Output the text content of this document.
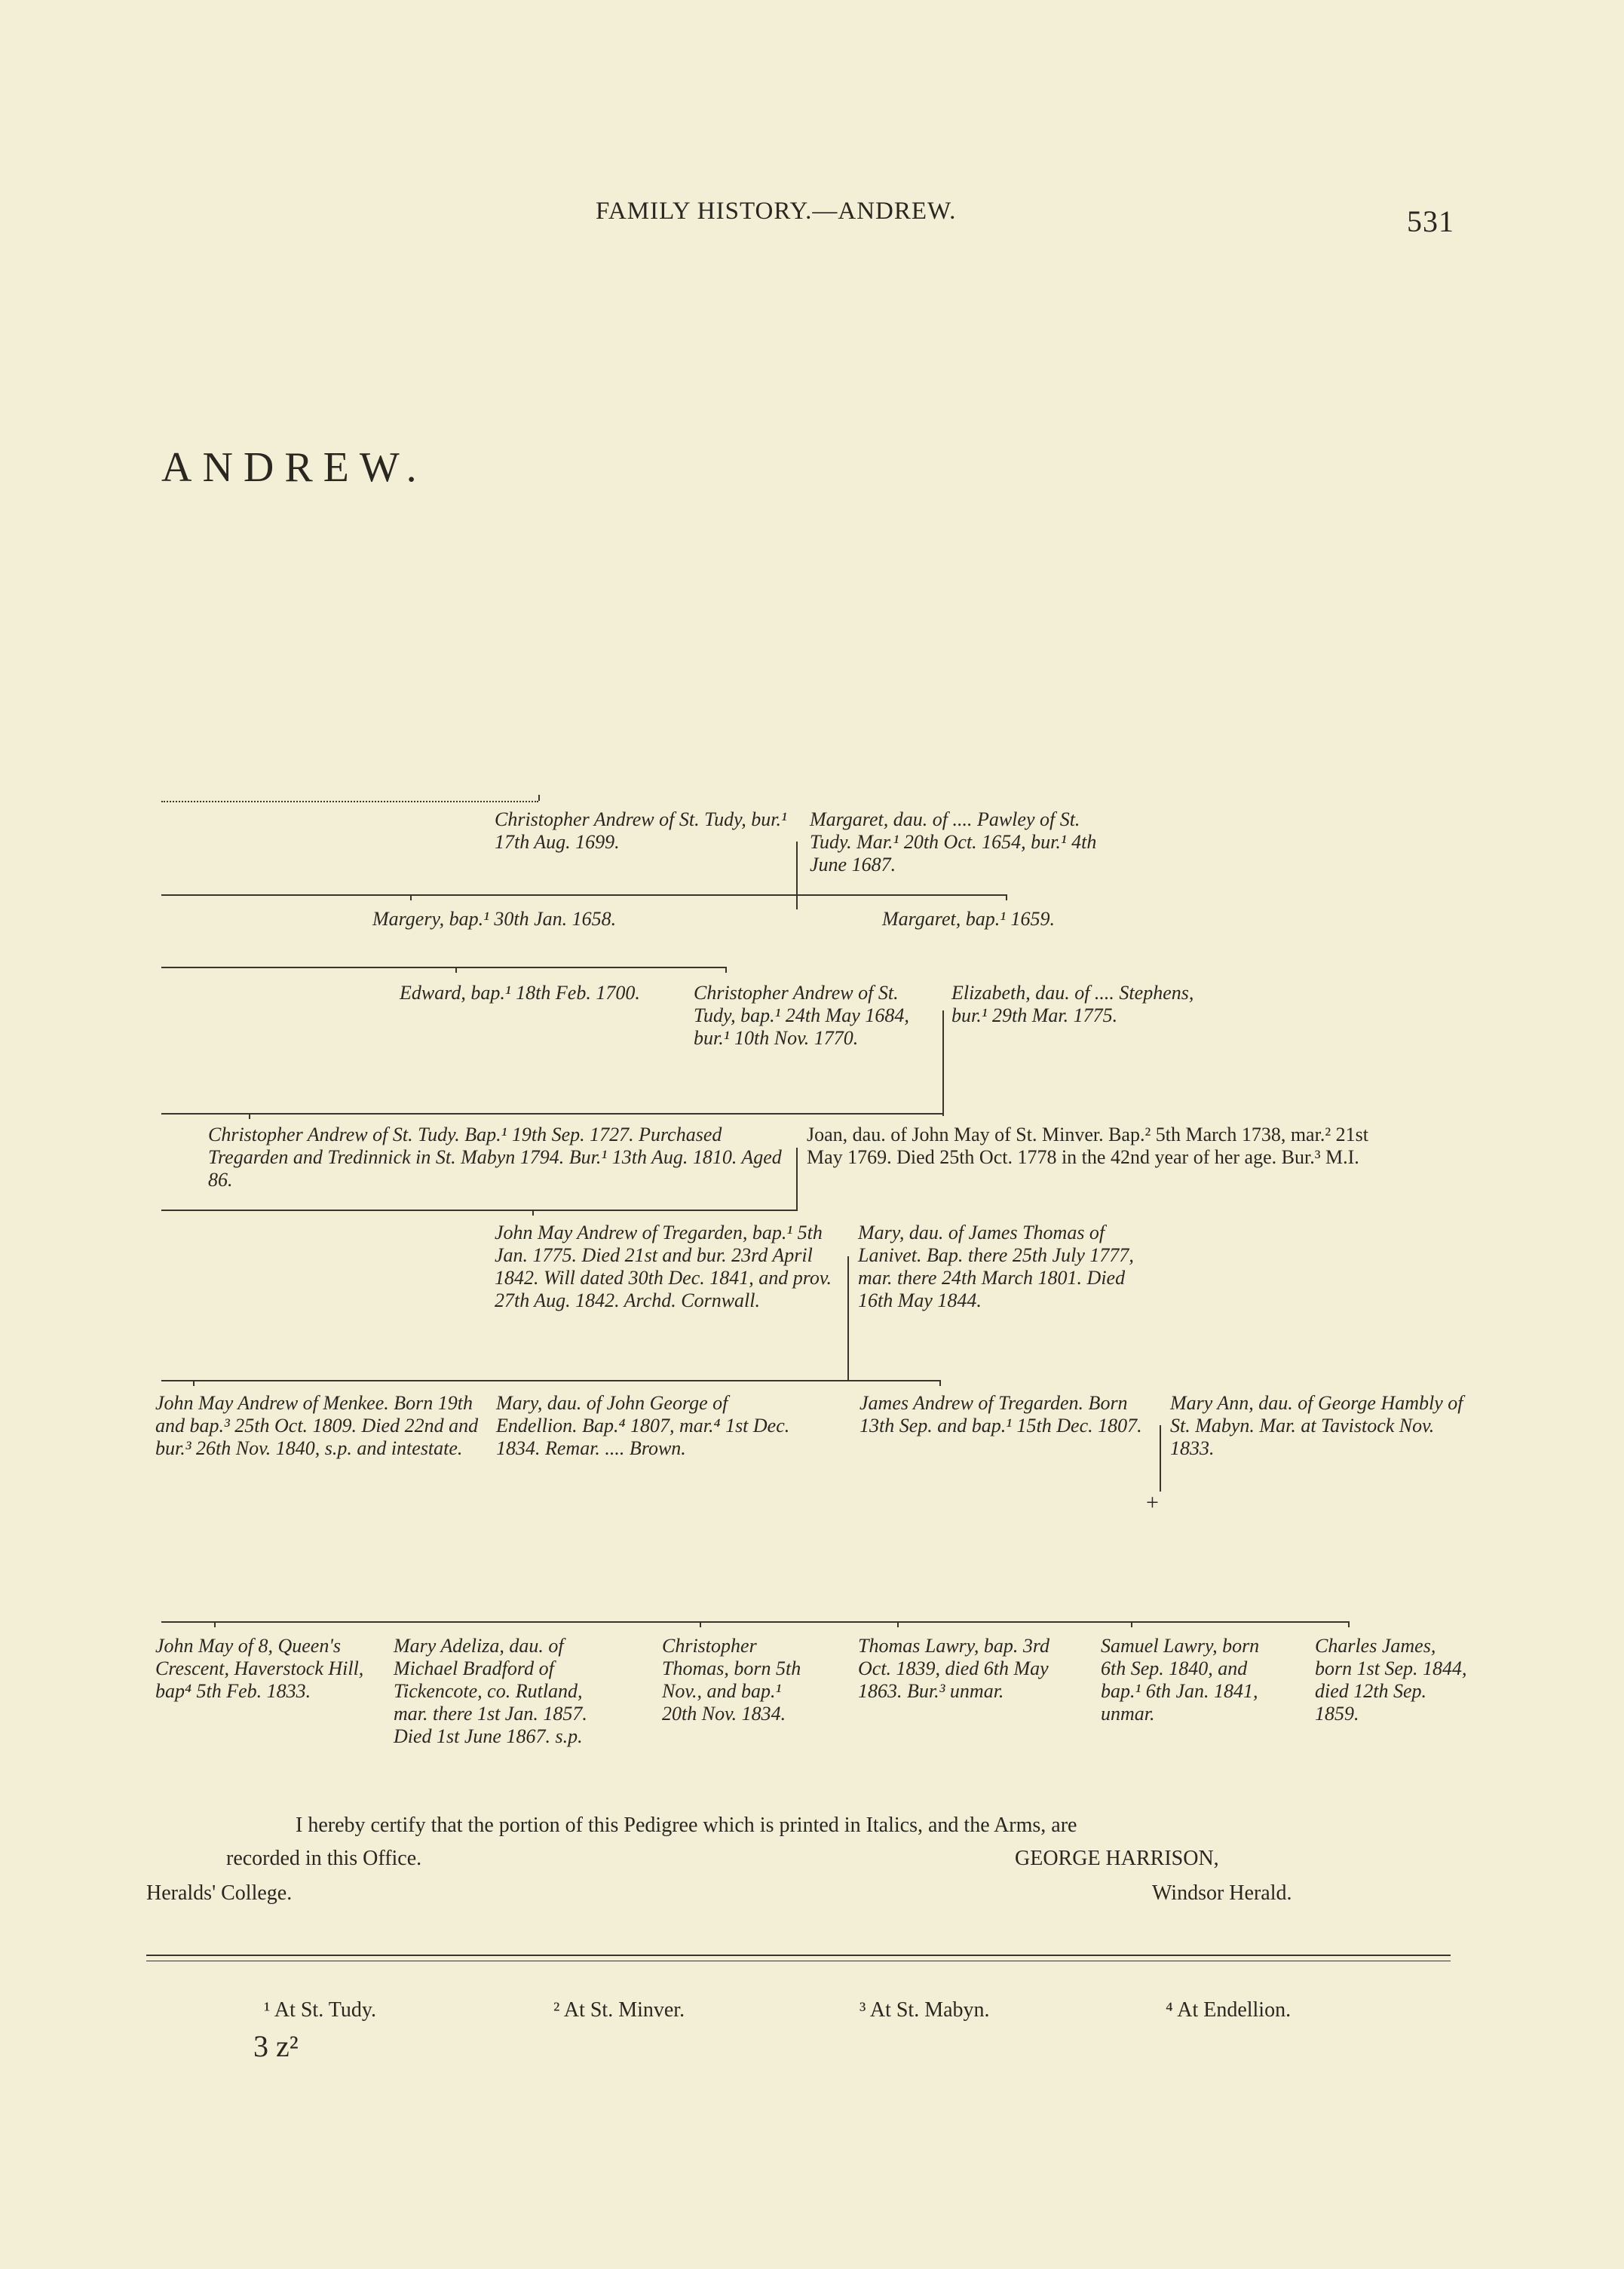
FAMILY HISTORY.—ANDREW.	531
ANDREW.
+
Christopher Andrew of St. Tudy, bur.¹ 17th Aug. 1699.
Margaret, dau. of .... Pawley of St. Tudy. Mar.¹ 20th Oct. 1654, bur.¹ 4th June 1687.
Margery, bap.¹ 30th Jan. 1658.	Margaret, bap.¹ 1659.
Edward, bap.¹ 18th Feb. 1700.	Christopher Andrew of St. Tudy, bap.¹ 24th May 1684, bur.¹ 10th Nov. 1770.
Elizabeth, dau. of .... Stephens, bur.¹ 29th Mar. 1775.
Christopher Andrew of St. Tudy. Bap.¹ 19th Sep. 1727. Purchased Tregarden and Tredinnick in St. Mabyn 1794. Bur.¹ 13th Aug. 1810. Aged 86.
Joan, dau. of John May of St. Minver. Bap.² 5th March 1738, mar.² 21st May 1769. Died 25th Oct. 1778 in the 42nd year of her age. Bur.³ M.I.
John May Andrew of Tregarden, bap.¹ 5th Jan. 1775. Died 21st and bur. 23rd April 1842. Will dated 30th Dec. 1841, and prov. 27th Aug. 1842. Archd. Cornwall.
Mary, dau. of James Thomas of Lanivet. Bap. there 25th July 1777, mar. there 24th March 1801. Died 16th May 1844.
John May Andrew of Menkee. Born 19th and bap.³ 25th Oct. 1809. Died 22nd and bur.³ 26th Nov. 1840, s.p. and intestate.
Mary, dau. of John George of Endellion. Bap.⁴ 1807, mar.⁴ 1st Dec. 1834. Remar. .... Brown.
James Andrew of Tregarden. Born 13th Sep. and bap.¹ 15th Dec. 1807.
Mary Ann, dau. of George Hambly of St. Mabyn. Mar. at Tavistock Nov. 1833.
John May of 8, Queen's Crescent, Haverstock Hill, bap⁴ 5th Feb. 1833.
Mary Adeliza, dau. of Michael Bradford of Tickencote, co. Rutland, mar. there 1st Jan. 1857. Died 1st June 1867. s.p.
Christopher Thomas, born 5th Nov., and bap.¹ 20th Nov. 1834.
Thomas Lawry, bap. 3rd Oct. 1839, died 6th May 1863. Bur.³ unmar.
Samuel Lawry, born 6th Sep. 1840, and bap.¹ 6th Jan. 1841, unmar.
Charles James, born 1st Sep. 1844, died 12th Sep. 1859.
I hereby certify that the portion of this Pedigree which is printed in Italics, and the Arms, are
recorded in this Office.	GEORGE HARRISON,
Heralds' College.	Windsor Herald.
¹ At St. Tudy.	² At St. Minver.	³ At St. Mabyn.	⁴ At Endellion.
3 z²
